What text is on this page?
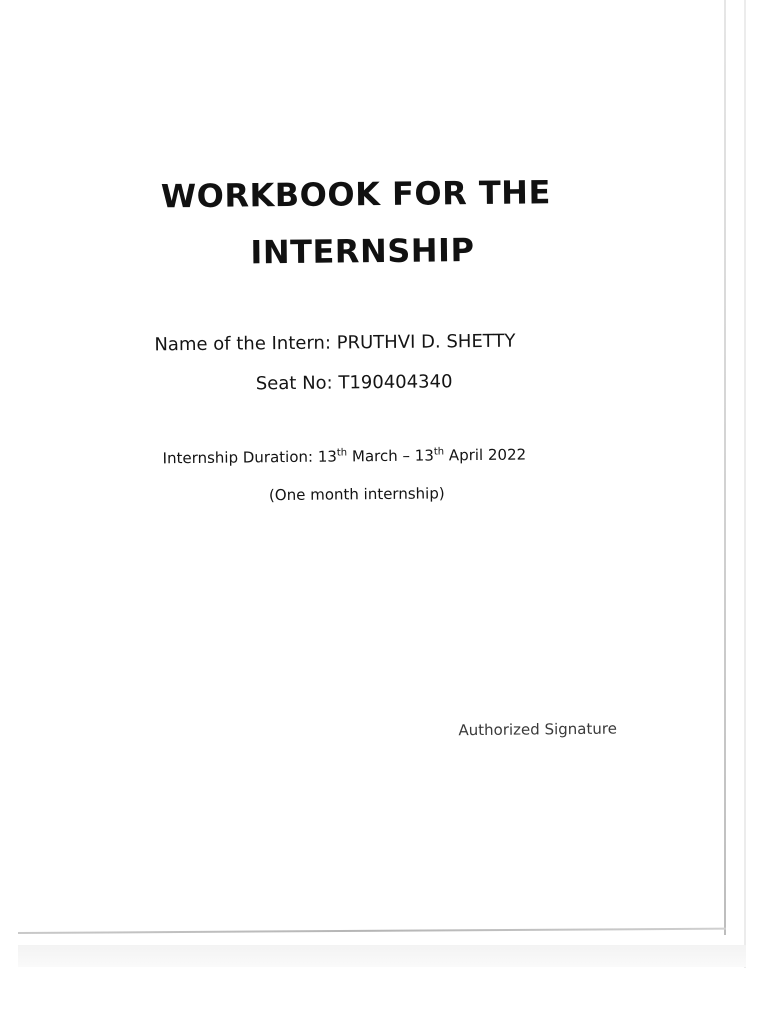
WORKBOOK FOR THE
INTERNSHIP
Name of the Intern: PRUTHVI D. SHETTY
Seat No: T190404340
Internship Duration: 13th March – 13th April 2022
(One month internship)
Authorized Signature
